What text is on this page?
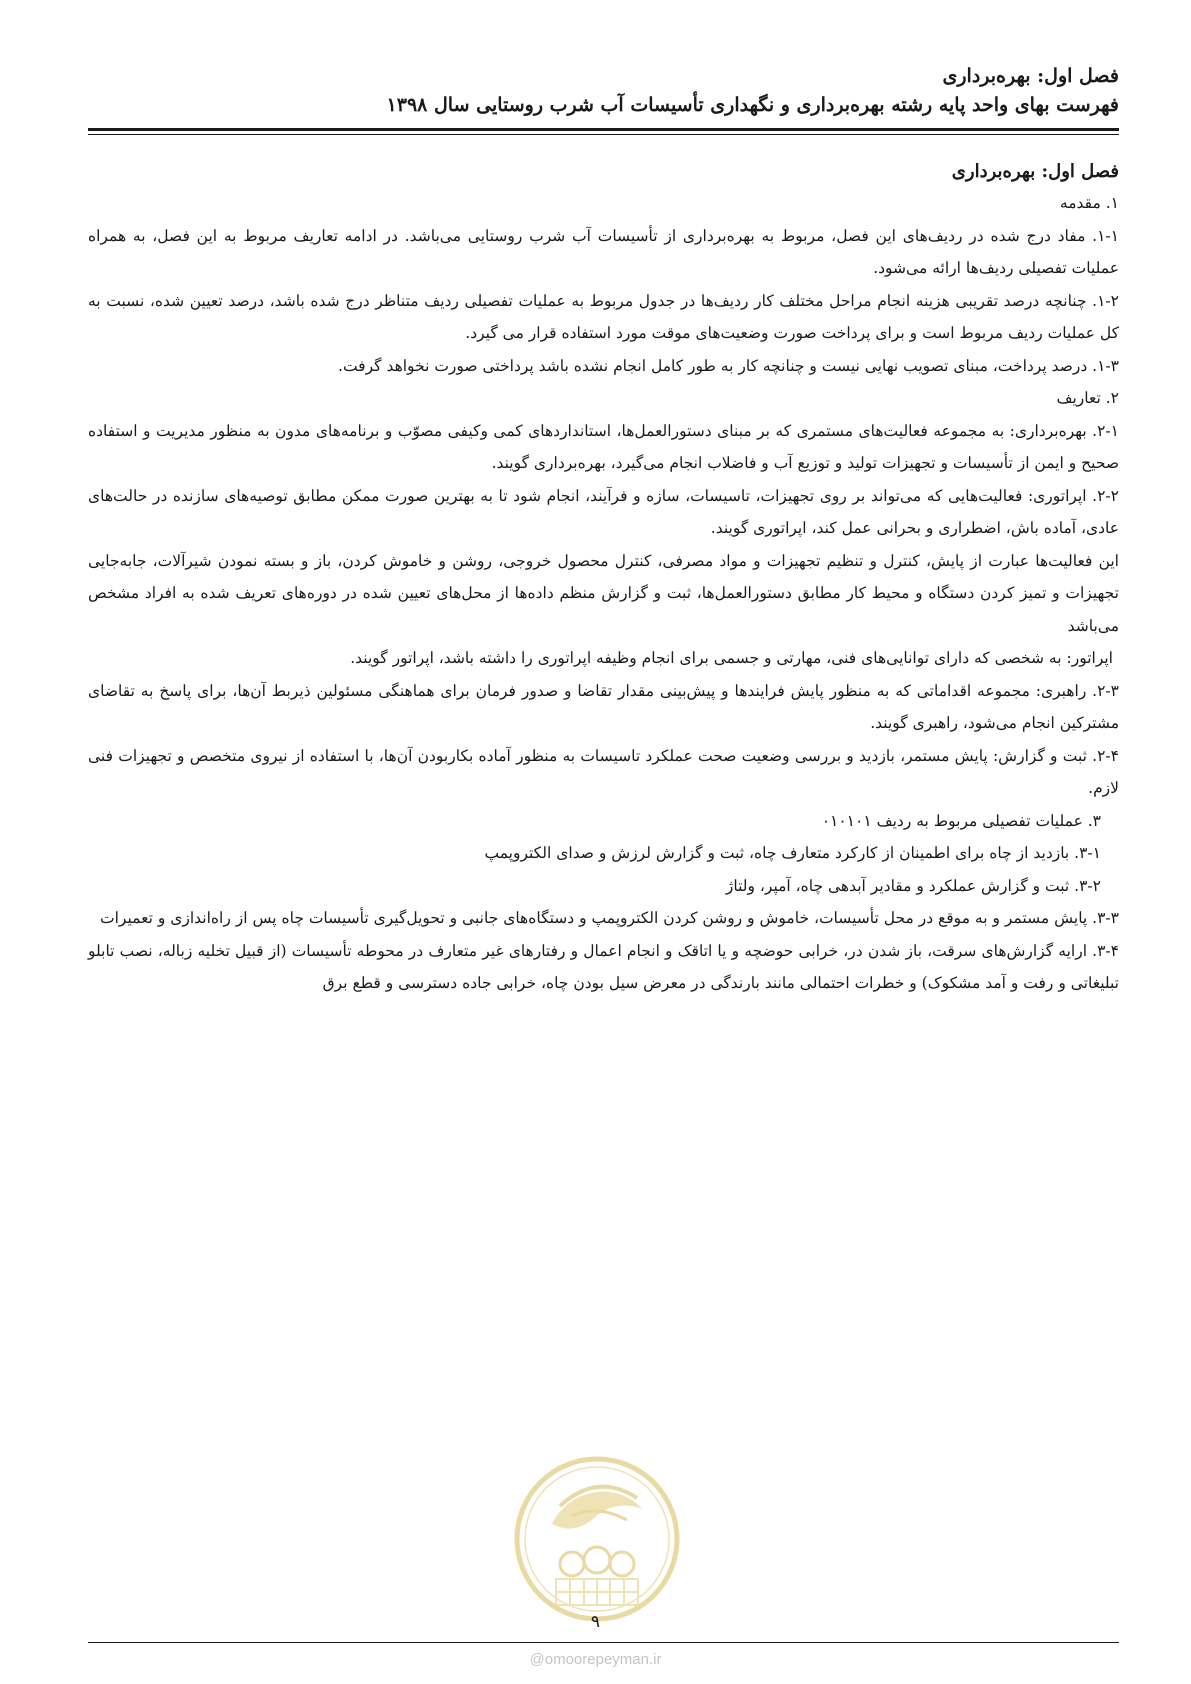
فصل اول: بهره‌برداری

فهرست بهای واحد پایه رشته بهره‌برداری و نگهداری تأسیسات آب شرب روستایی سال ۱۳۹۸

فصل اول: بهره‌برداری

۱. مقدمه

۱-۱. مفاد درج شده در ردیف‌های این فصل، مربوط به بهره‌برداری از تأسیسات آب شرب روستایی می‌باشد. در ادامه تعاریف مربوط به این فصل، به همراه عملیات تفصیلی ردیف‌ها ارائه می‌شود.

۱-۲. چنانچه درصد تقریبی هزینه انجام مراحل مختلف کار ردیف‌ها در جدول مربوط به عملیات تفصیلی ردیف متناظر درج شده باشد، درصد تعیین شده، نسبت به کل عملیات ردیف مربوط است و برای پرداخت صورت وضعیت‌های موقت مورد استفاده قرار می گیرد.

۱-۳. درصد پرداخت، مبنای تصویب نهایی نیست و چنانچه کار به طور کامل انجام نشده باشد پرداختی صورت نخواهد گرفت.

۲. تعاریف

۲-۱. بهره‌برداری: به مجموعه فعالیت‌های مستمری که بر مبنای دستورالعمل‌ها، استانداردهای کمی وکیفی مصوّب و برنامه‌های مدون به منظور مدیریت و استفاده صحیح و ایمن از تأسیسات و تجهیزات تولید و توزیع آب و فاضلاب انجام می‌گیرد، بهره‌برداری گویند.

۲-۲. اپراتوری: فعالیت‌هایی که می‌تواند بر روی تجهیزات، تاسیسات، سازه و فرآیند، انجام شود تا به بهترین صورت ممکن مطابق توصیه‌های سازنده در حالت‌های عادی، آماده باش، اضطراری و بحرانی عمل کند، اپراتوری گویند.

این فعالیت‌ها عبارت از پایش، کنترل و تنظیم تجهیزات و مواد مصرفی، کنترل محصول خروجی، روشن و خاموش کردن، باز و بسته نمودن شیرآلات، جابه‌جایی تجهیزات و تمیز کردن دستگاه و محیط کار مطابق دستورالعمل‌ها، ثبت و گزارش منظم داده‌ها از محل‌های تعیین شده در دوره‌های تعریف شده به افراد مشخص می‌باشد

اپراتور: به شخصی که دارای توانایی‌های فنی، مهارتی و جسمی برای انجام وظیفه اپراتوری را داشته باشد، اپراتور گویند.

۲-۳. راهبری: مجموعه اقداماتی که به منظور پایش فرایندها و پیش‌بینی مقدار تقاضا و صدور فرمان برای هماهنگی مسئولین ذیربط آن‌ها، برای پاسخ به تقاضای مشترکین انجام می‌شود، راهبری گویند.

۲-۴. ثبت و گزارش: پایش مستمر، بازدید و بررسی وضعیت صحت عملکرد تاسیسات به منظور آماده بکاربودن آن‌ها، با استفاده از نیروی متخصص و تجهیزات فنی لازم.

۳. عملیات تفصیلی مربوط به ردیف ۰۱۰۱۰۱

۳-۱. بازدید از چاه برای اطمینان از کارکرد متعارف چاه، ثبت و گزارش لرزش و صدای الکتروپمپ

۳-۲. ثبت و گزارش عملکرد و مقادیر آبدهی چاه، آمپر، ولتاژ

۳-۳. پایش مستمر و به موقع در محل تأسیسات، خاموش و روشن کردن الکتروپمپ و دستگاه‌های جانبی و تحویل‌گیری تأسیسات چاه پس از راه‌اندازی و تعمیرات

۳-۴. ارایه گزارش‌های سرقت، باز شدن در، خرابی حوضچه و یا اتاقک و انجام اعمال و رفتارهای غیر متعارف در محوطه تأسیسات (از قبیل تخلیه زباله، نصب تابلو تبلیغاتی و رفت و آمد مشکوک) و خطرات احتمالی مانند بارندگی در معرض سیل بودن چاه، خرابی جاده دسترسی و قطع برق

۹
@omoorepeyman.ir
